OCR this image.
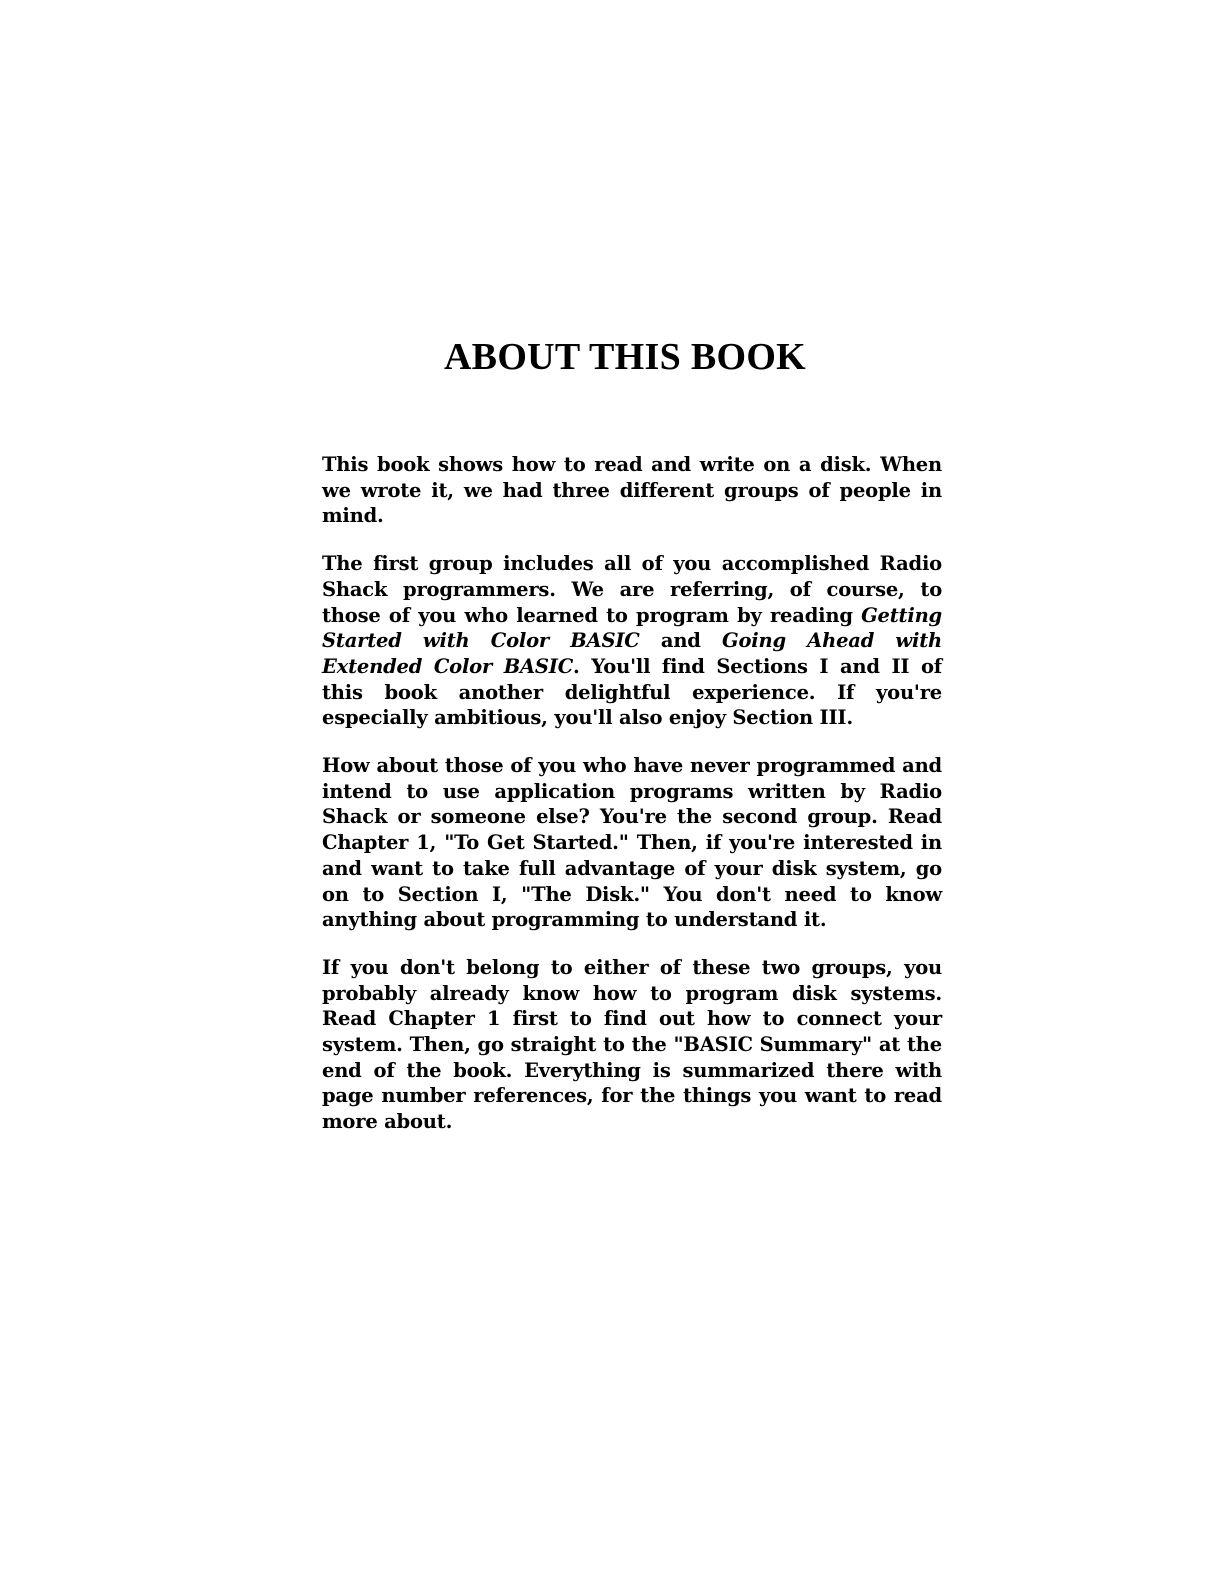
ABOUT THIS BOOK

This book shows how to read and write on a disk. When we wrote it, we had three different groups of people in mind.

The first group includes all of you accomplished Radio Shack programmers. We are referring, of course, to those of you who learned to program by reading Getting Started with Color BASIC and Going Ahead with Extended Color BASIC. You'll find Sections I and II of this book another delightful experience. If you're especially ambitious, you'll also enjoy Section III.

How about those of you who have never programmed and intend to use application programs written by Radio Shack or someone else? You're the second group. Read Chapter 1, "To Get Started." Then, if you're interested in and want to take full advantage of your disk system, go on to Section I, "The Disk." You don't need to know anything about programming to understand it.

If you don't belong to either of these two groups, you probably already know how to program disk systems. Read Chapter 1 first to find out how to connect your system. Then, go straight to the "BASIC Summary" at the end of the book. Everything is summarized there with page number references, for the things you want to read more about.
